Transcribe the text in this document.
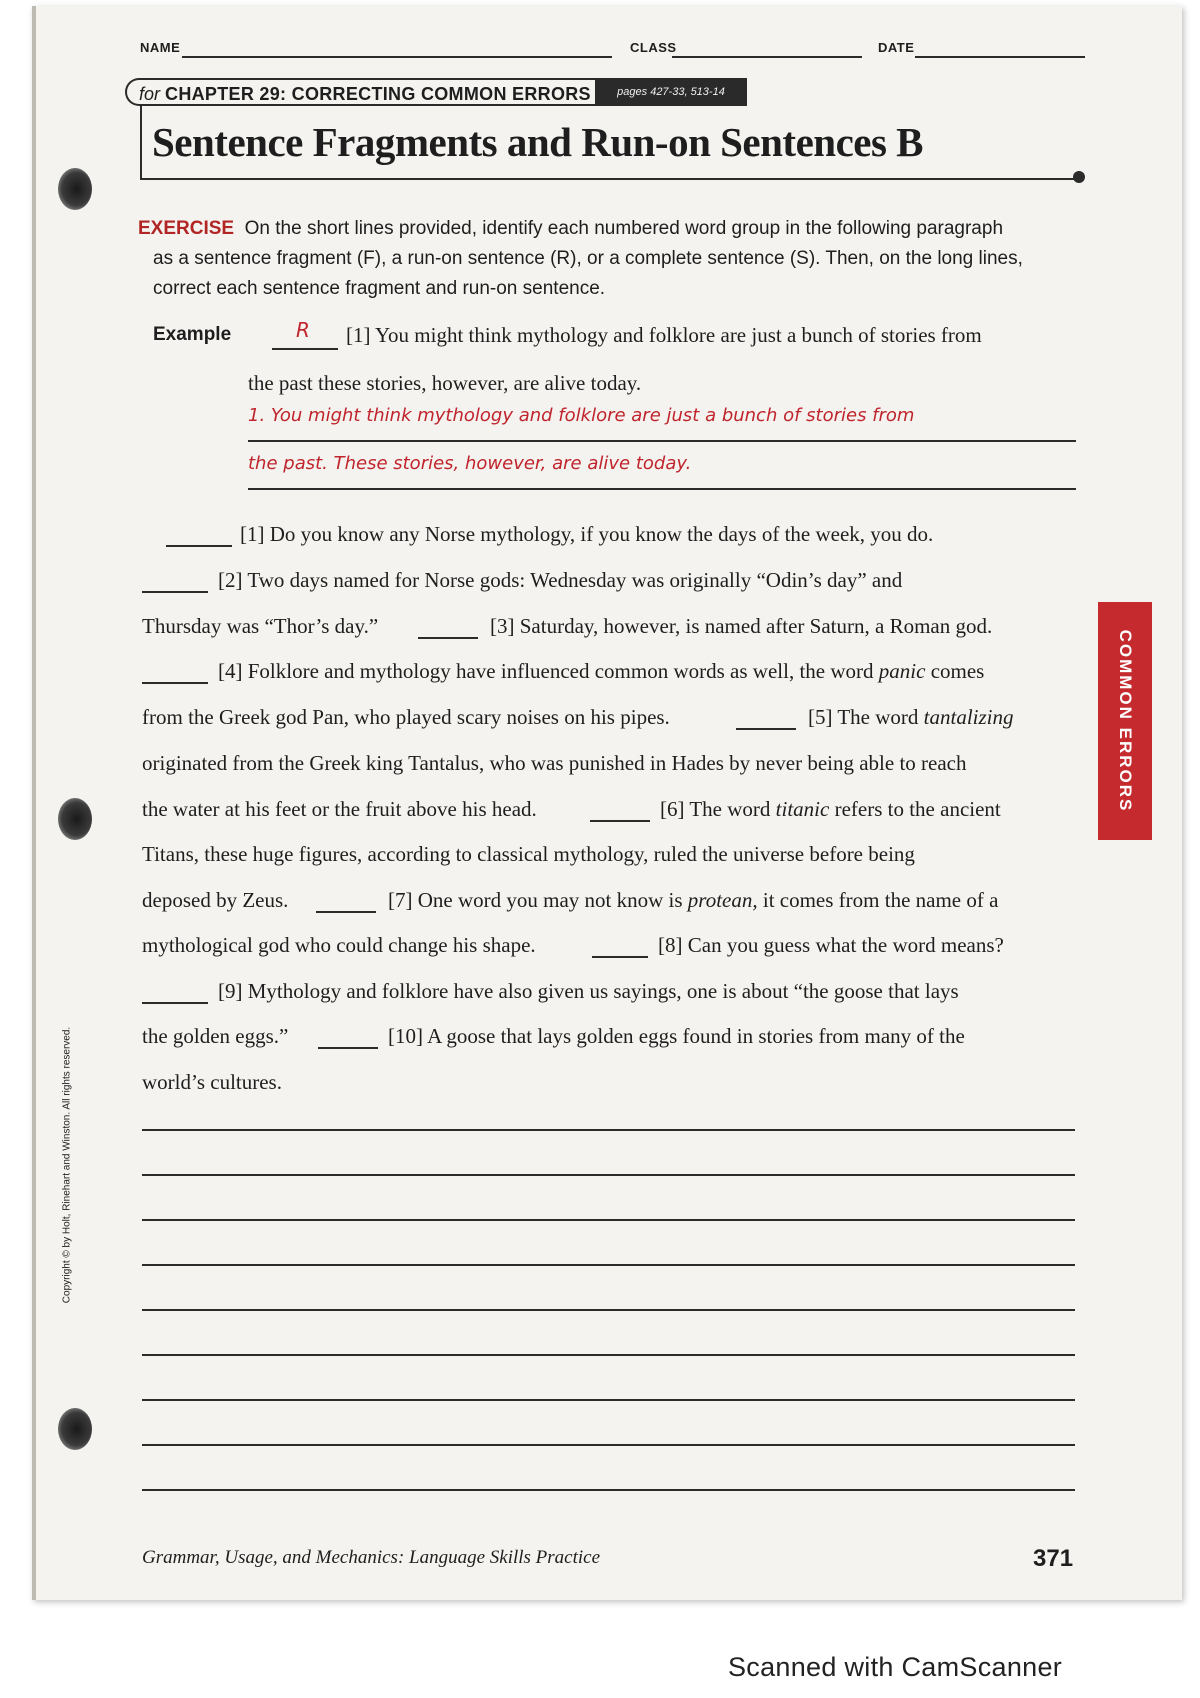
NAME	CLASS	DATE
for CHAPTER 29: CORRECTING COMMON ERRORS	pages 427-33, 513-14
Sentence Fragments and Run-on Sentences B
EXERCISE On the short lines provided, identify each numbered word group in the following paragraph
as a sentence fragment (F), a run-on sentence (R), or a complete sentence (S). Then, on the long lines,
correct each sentence fragment and run-on sentence.
Example	R [1] You might think mythology and folklore are just a bunch of stories from
the past these stories, however, are alive today.
1. You might think mythology and folklore are just a bunch of stories from
the past. These stories, however, are alive today.
[1] Do you know any Norse mythology, if you know the days of the week, you do.
[2] Two days named for Norse gods: Wednesday was originally “Odin’s day” and
Thursday was “Thor’s day.”	[3] Saturday, however, is named after Saturn, a Roman god.
[4] Folklore and mythology have influenced common words as well, the word panic comes
from the Greek god Pan, who played scary noises on his pipes.	[5] The word tantalizing
originated from the Greek king Tantalus, who was punished in Hades by never being able to reach
the water at his feet or the fruit above his head.	[6] The word titanic refers to the ancient
Titans, these huge figures, according to classical mythology, ruled the universe before being
deposed by Zeus.	[7] One word you may not know is protean, it comes from the name of a
mythological god who could change his shape.	[8] Can you guess what the word means?
[9] Mythology and folklore have also given us sayings, one is about “the goose that lays
the golden eggs.”	[10] A goose that lays golden eggs found in stories from many of the
world’s cultures.
COMMON ERRORS
Copyright © by Holt, Rinehart and Winston. All rights reserved.
Grammar, Usage, and Mechanics: Language Skills Practice	371
Scanned with CamScanner
